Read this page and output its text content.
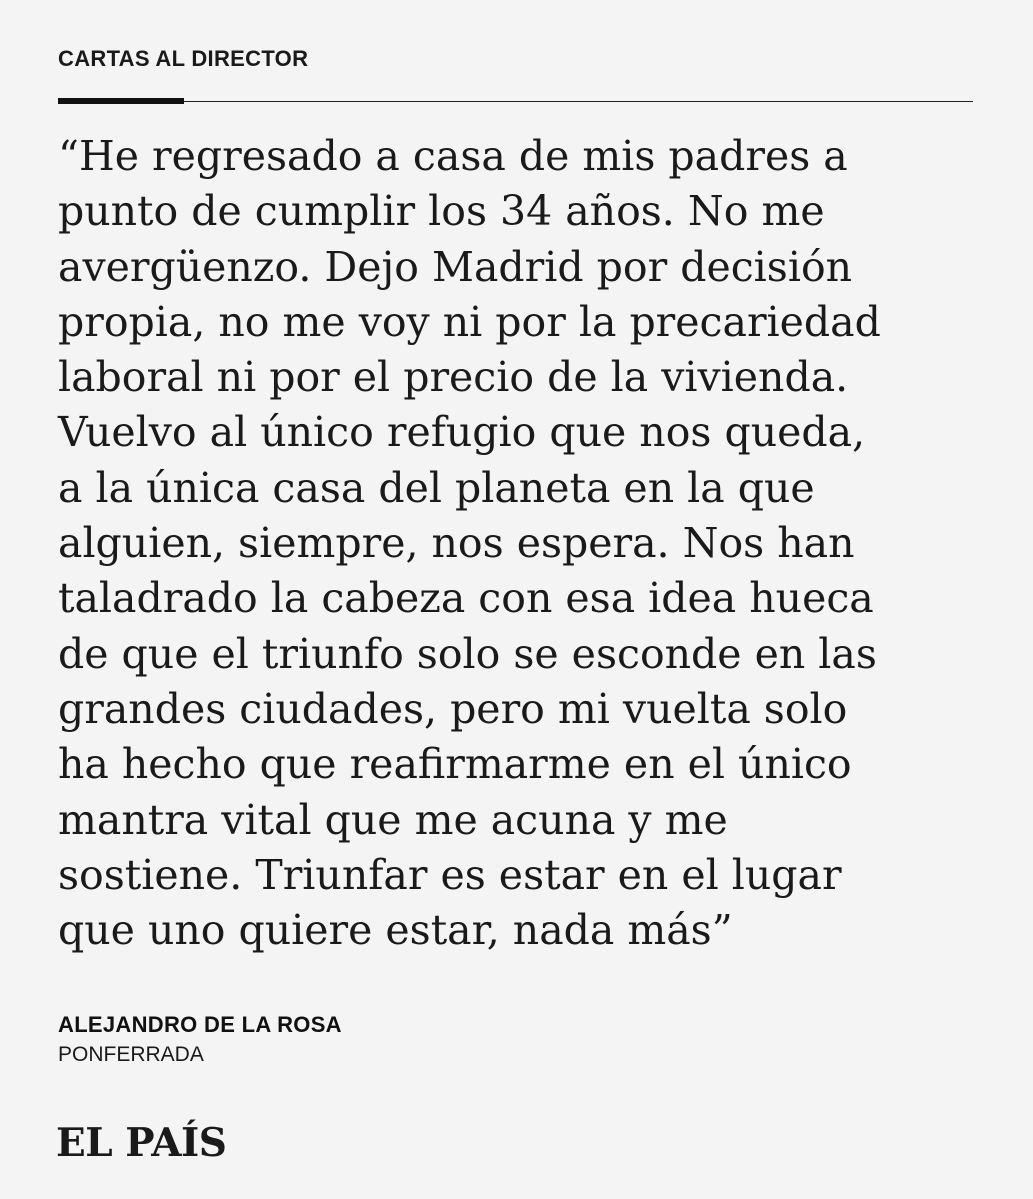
CARTAS AL DIRECTOR
“He regresado a casa de mis padres a
punto de cumplir los 34 años. No me
avergüenzo. Dejo Madrid por decisión
propia, no me voy ni por la precariedad
laboral ni por el precio de la vivienda.
Vuelvo al único refugio que nos queda,
a la única casa del planeta en la que
alguien, siempre, nos espera. Nos han
taladrado la cabeza con esa idea hueca
de que el triunfo solo se esconde en las
grandes ciudades, pero mi vuelta solo
ha hecho que reafirmarme en el único
mantra vital que me acuna y me
sostiene. Triunfar es estar en el lugar
que uno quiere estar, nada más”
ALEJANDRO DE LA ROSA
PONFERRADA
EL PAÍS
